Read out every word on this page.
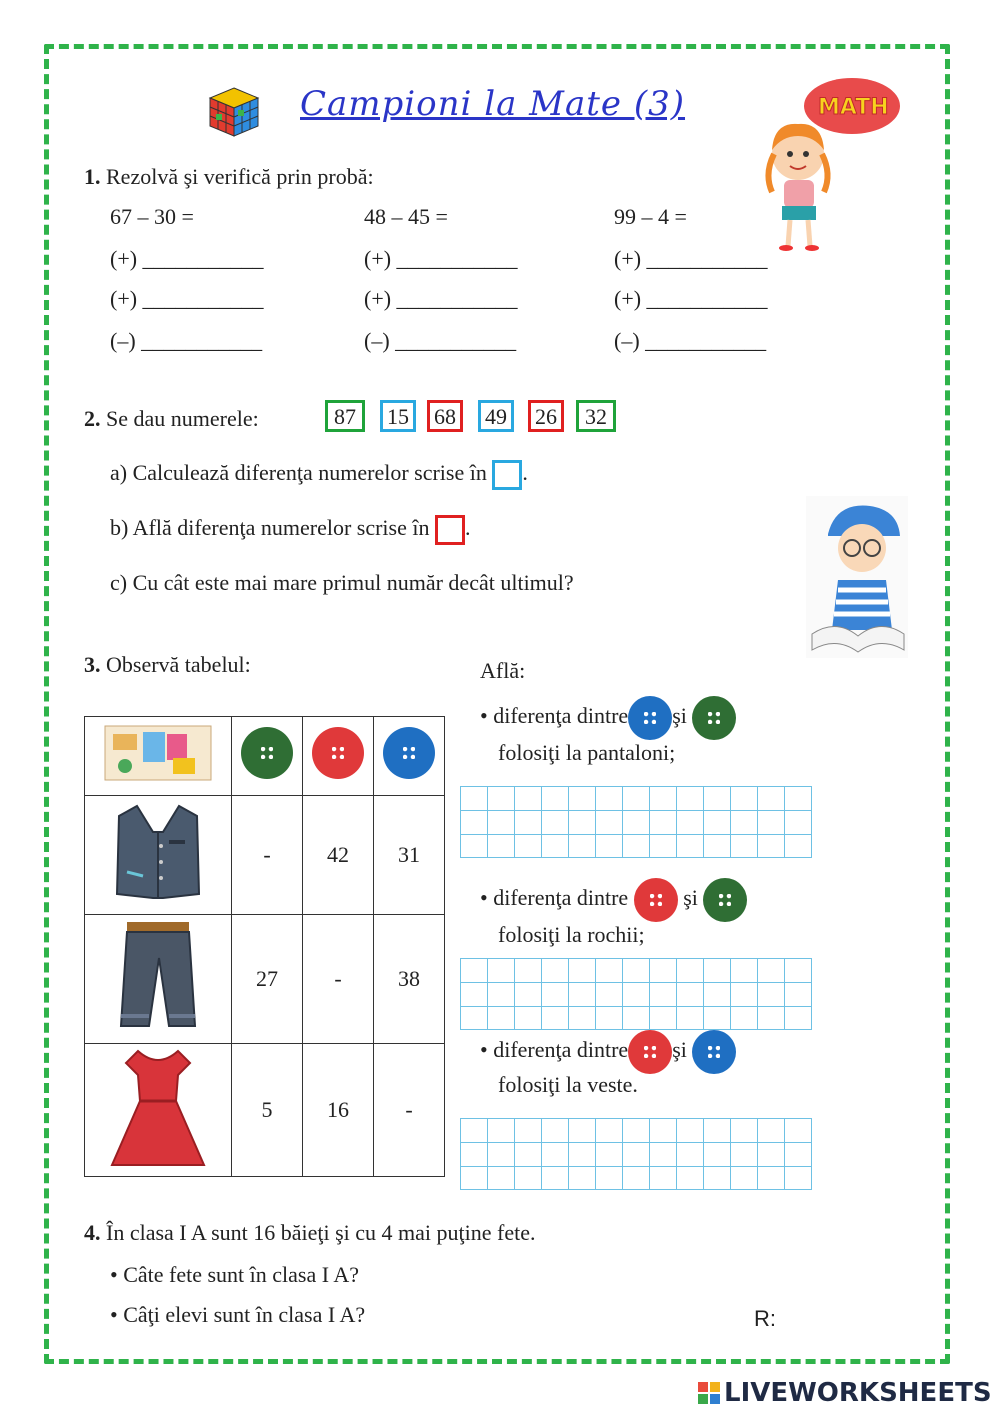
Campioni la Mate (3)	MATH
1. Rezolvă şi verifică prin probă:
67 – 30 =
(+) ___________
(+) ___________
(–) ___________
48 – 45 =
(+) ___________
(+) ___________
(–) ___________
99 – 4 =
(+) ___________
(+) ___________
(–) ___________
2. Se dau numerele:	87	15	68	49	26	32
a) Calculează diferenţa numerelor scrise în .
b) Află diferenţa numerelor scrise în .
c) Cu cât este mai mare primul număr decât ultimul?
3. Observă tabelul:	Află:

	-	42	31
	27	-	38
	5	16	-
• diferenţa dintre şi
folosiţi la pantaloni;
• diferenţa dintre	şi
folosiţi la rochii;
• diferenţa dintre şi
folosiţi la veste.
4. În clasa I A sunt 16 băieţi şi cu 4 mai puţine fete.
• Câte fete sunt în clasa I A?
• Câţi elevi sunt în clasa I A?	R:
LIVEWORKSHEETS
